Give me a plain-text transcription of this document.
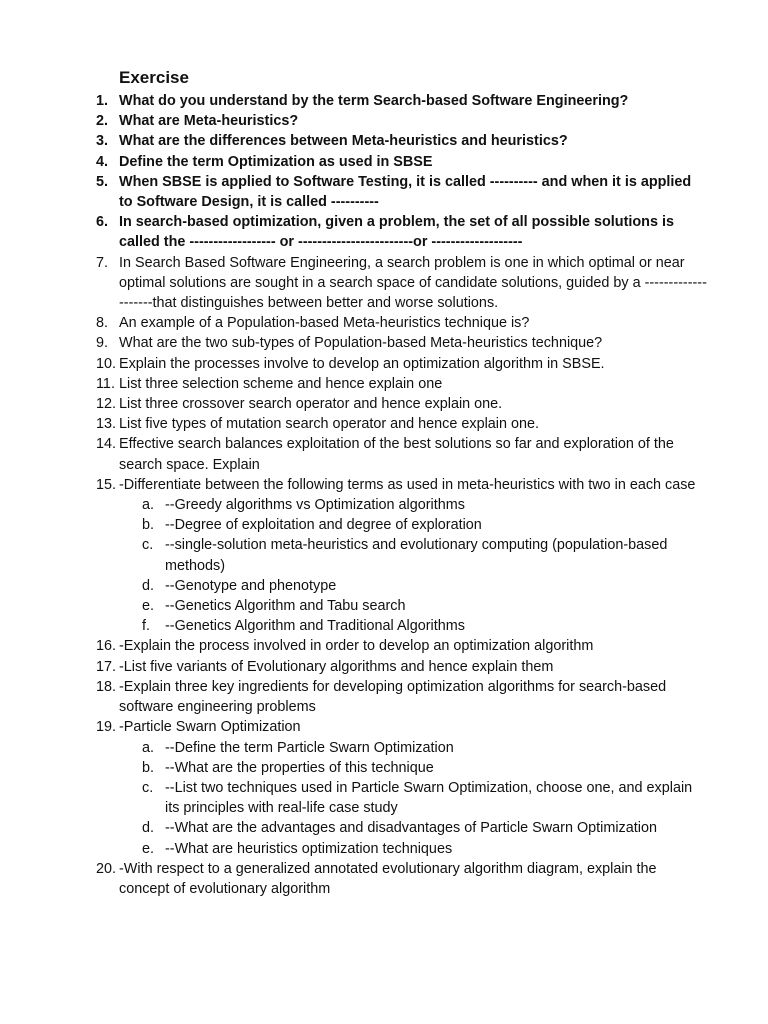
Exercise
1. What do you understand by the term Search-based Software Engineering?
2. What are Meta-heuristics?
3. What are the differences between Meta-heuristics and heuristics?
4. Define the term Optimization as used in SBSE
5. When SBSE is applied to Software Testing, it is called ---------- and when it is applied to Software Design, it is called ----------
6. In search-based optimization, given a problem, the set of all possible solutions is called the ------------------ or ------------------------or -------------------
7. In Search Based Software Engineering, a search problem is one in which optimal or near optimal solutions are sought in a search space of candidate solutions, guided by a --------------------that distinguishes between better and worse solutions.
8. An example of a Population-based Meta-heuristics technique is?
9. What are the two sub-types of Population-based Meta-heuristics technique?
10. Explain the processes involve to develop an optimization algorithm in SBSE.
11. List three selection scheme and hence explain one
12. List three crossover search operator and hence explain one.
13. List five types of mutation search operator and hence explain one.
14. Effective search balances exploitation of the best solutions so far and exploration of the search space. Explain
15. -Differentiate between the following terms as used in meta-heuristics with two in each case
a. --Greedy algorithms vs Optimization algorithms
b. --Degree of exploitation and degree of exploration
c. --single-solution meta-heuristics and evolutionary computing (population-based methods)
d. --Genotype and phenotype
e. --Genetics Algorithm and Tabu search
f. --Genetics Algorithm and Traditional Algorithms
16. -Explain the process involved in order to develop an optimization algorithm
17. -List five variants of Evolutionary algorithms and hence explain them
18. -Explain three key ingredients for developing optimization algorithms for search-based software engineering problems
19. -Particle Swarn Optimization
a. --Define the term Particle Swarn Optimization
b. --What are the properties of this technique
c. --List two techniques used in Particle Swarn Optimization, choose one, and explain its principles with real-life case study
d. --What are the advantages and disadvantages of Particle Swarn Optimization
e. --What are heuristics optimization techniques
20. -With respect to a generalized annotated evolutionary algorithm diagram, explain the concept of evolutionary algorithm
